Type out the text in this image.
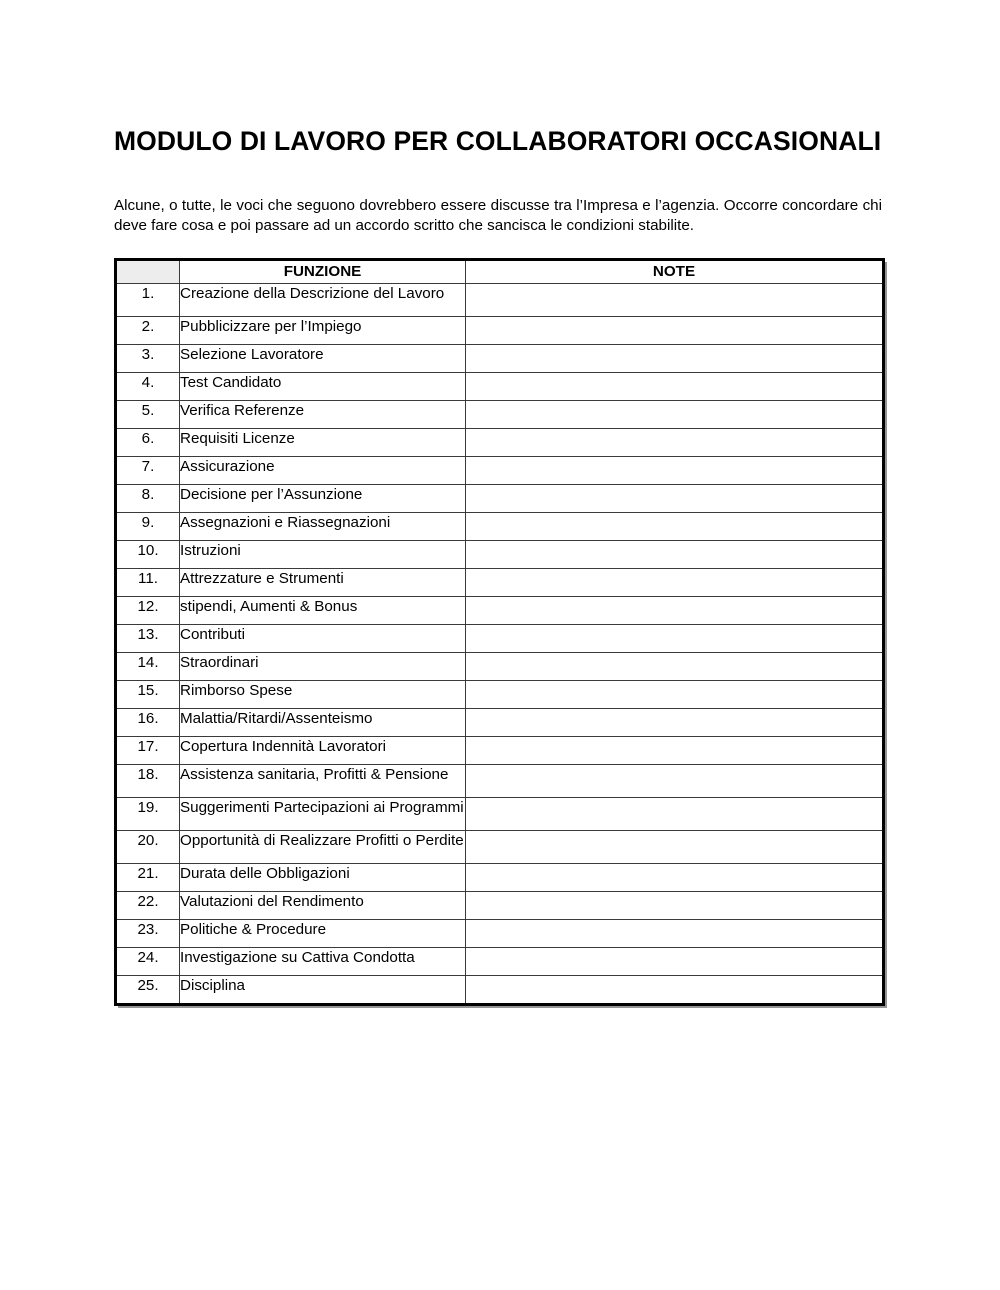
MODULO DI LAVORO PER COLLABORATORI OCCASIONALI

Alcune, o tutte, le voci che seguono dovrebbero essere discusse tra l’Impresa e l’agenzia. Occorre concordare chi deve fare cosa e poi passare ad un accordo scritto che sancisca le condizioni stabilite.

	FUNZIONE	NOTE
1.	Creazione della Descrizione del Lavoro	
2.	Pubblicizzare per l’Impiego	
3.	Selezione Lavoratore	
4.	Test Candidato	
5.	Verifica Referenze	
6.	Requisiti Licenze	
7.	Assicurazione	
8.	Decisione per l’Assunzione	
9.	Assegnazioni e Riassegnazioni	
10.	Istruzioni	
11.	Attrezzature e Strumenti	
12.	stipendi, Aumenti & Bonus	
13.	Contributi	
14.	Straordinari	
15.	Rimborso Spese	
16.	Malattia/Ritardi/Assenteismo	
17.	Copertura Indennità Lavoratori	
18.	Assistenza sanitaria, Profitti & Pensione	
19.	Suggerimenti Partecipazioni ai Programmi	
20.	Opportunità di Realizzare Profitti o Perdite	
21.	Durata delle Obbligazioni	
22.	Valutazioni del Rendimento	
23.	Politiche & Procedure	
24.	Investigazione su Cattiva Condotta	
25.	Disciplina	
